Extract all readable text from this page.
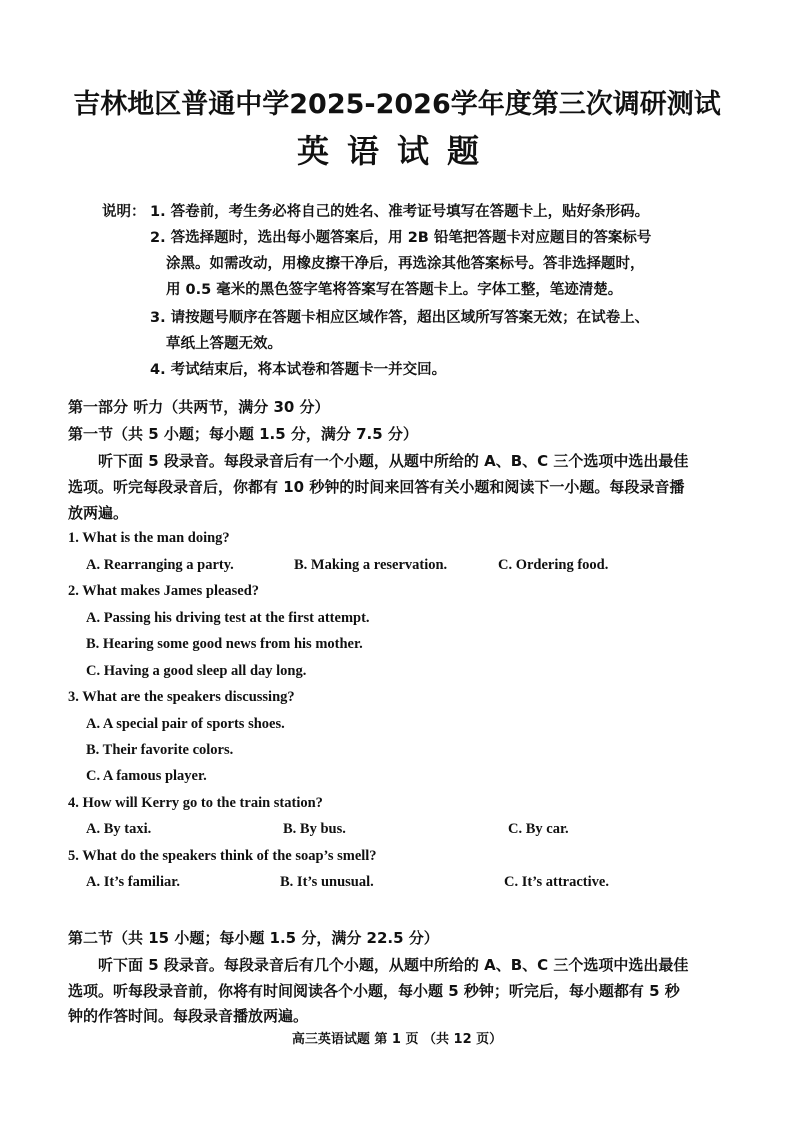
吉林地区普通中学2025-2026学年度第三次调研测试
英语试题
说明： 1. 答卷前，考生务必将自己的姓名、准考证号填写在答题卡上，贴好条形码。
2. 答选择题时，选出每小题答案后，用 2B 铅笔把答题卡对应题目的答案标号
涂黑。如需改动，用橡皮擦干净后，再选涂其他答案标号。答非选择题时，
用 0.5 毫米的黑色签字笔将答案写在答题卡上。字体工整，笔迹清楚。
3. 请按题号顺序在答题卡相应区域作答，超出区域所写答案无效；在试卷上、
草纸上答题无效。
4. 考试结束后，将本试卷和答题卡一并交回。
第一部分 听力（共两节，满分 30 分）
第一节（共 5 小题；每小题 1.5 分，满分 7.5 分）
听下面 5 段录音。每段录音后有一个小题，从题中所给的 A、B、C 三个选项中选出最佳
选项。听完每段录音后，你都有 10 秒钟的时间来回答有关小题和阅读下一小题。每段录音播
放两遍。
1. What is the man doing?
A. Rearranging a party.	B. Making a reservation.	C. Ordering food.
2. What makes James pleased?
A. Passing his driving test at the first attempt.
B. Hearing some good news from his mother.
C. Having a good sleep all day long.
3. What are the speakers discussing?
A. A special pair of sports shoes.
B. Their favorite colors.
C. A famous player.
4. How will Kerry go to the train station?
A. By taxi.	B. By bus.	C. By car.
5. What do the speakers think of the soap’s smell?
A. It’s familiar.	B. It’s unusual.	C. It’s attractive.
第二节（共 15 小题；每小题 1.5 分，满分 22.5 分）
听下面 5 段录音。每段录音后有几个小题，从题中所给的 A、B、C 三个选项中选出最佳
选项。听每段录音前，你将有时间阅读各个小题，每小题 5 秒钟；听完后，每小题都有 5 秒
钟的作答时间。每段录音播放两遍。
高三英语试题 第 1 页 （共 12 页）
